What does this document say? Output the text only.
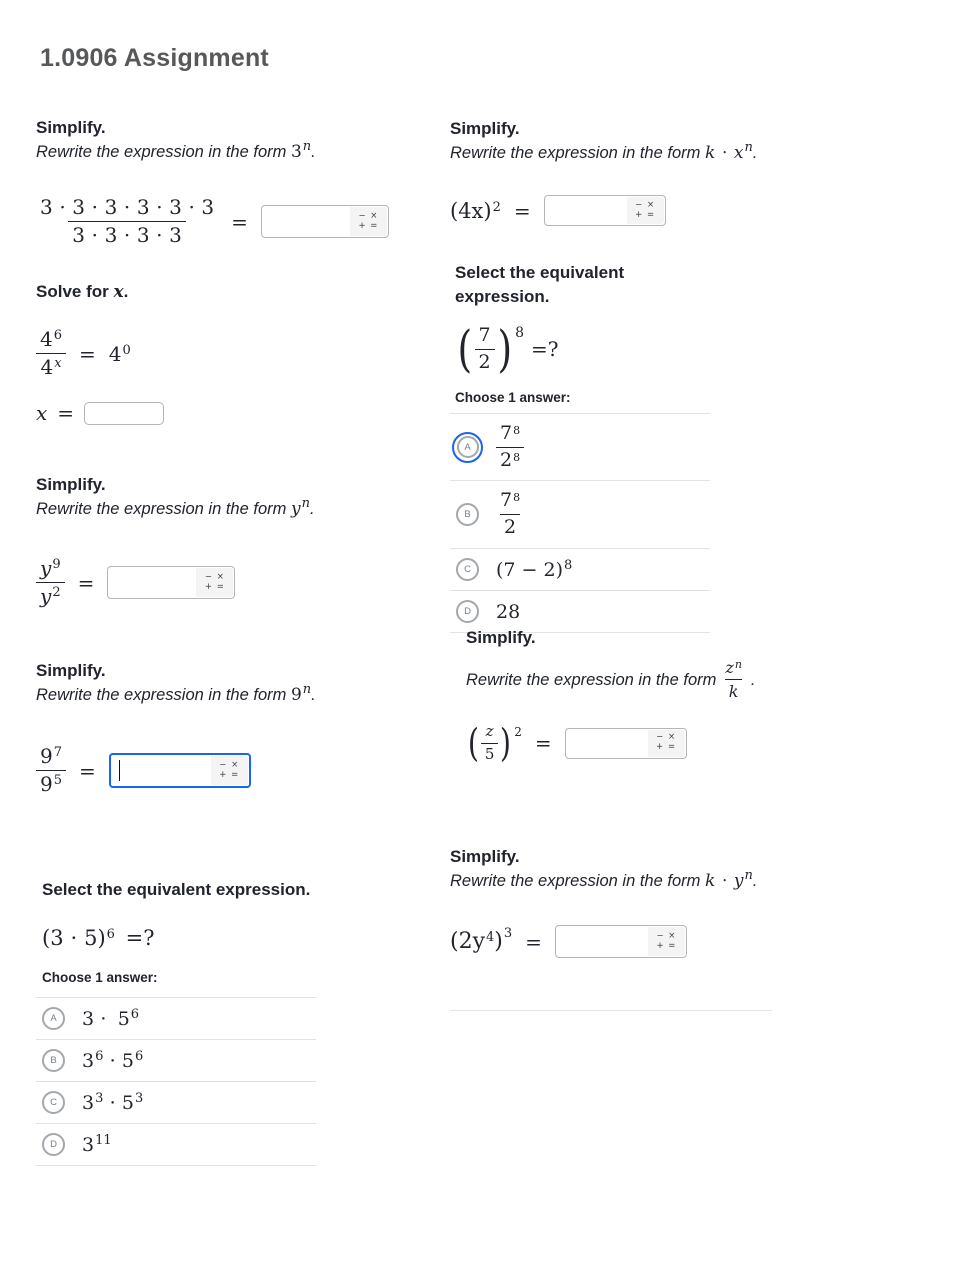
1.0906 Assignment
Simplify.
Rewrite the expression in the form 3$^n$.
$\frac{3 \cdot 3 \cdot 3 \cdot 3 \cdot 3 \cdot 3}{3 \cdot 3 \cdot 3 \cdot 3}$ =	− ×
+ =
Solve for x.
$\frac{4^6}{4^x} = 4^0$
x =
Simplify.
Rewrite the expression in the form $y^n$.
$\frac{y^9}{y^2}$ =	− ×
+ =
Simplify.
Rewrite the expression in the form 9$^n$.
$\frac{9^7}{9^5}$ =	− ×
+ =
Select the equivalent expression.
$(3 \cdot 5)^6$ =?
Choose 1 answer:
A	$3 \cdot 5^6$
B	$3^6 \cdot 5^6$
C	$3^3 \cdot 5^3$
D	$3^{11}$
Simplify.
Rewrite the expression in the form $k \cdot x^n$.
$(4x)^2$ =	− ×
+ =
Select the equivalent expression.
( $\frac{7}{2}$ ) 8
=?
Choose 1 answer:
A	$\frac{7^8}{2^8}$
B	$\frac{7^8}{2}$
C	$(7 - 2)^8$
D	28
Simplify.
Rewrite the expression in the form $\frac{z^n}{k}$ .
( $\frac{z}{5}$ ) 2 =	− ×
+ =
Simplify.
Rewrite the expression in the form $k \cdot y^n$.
$(2y^4)^3$ =	− ×
+ =
